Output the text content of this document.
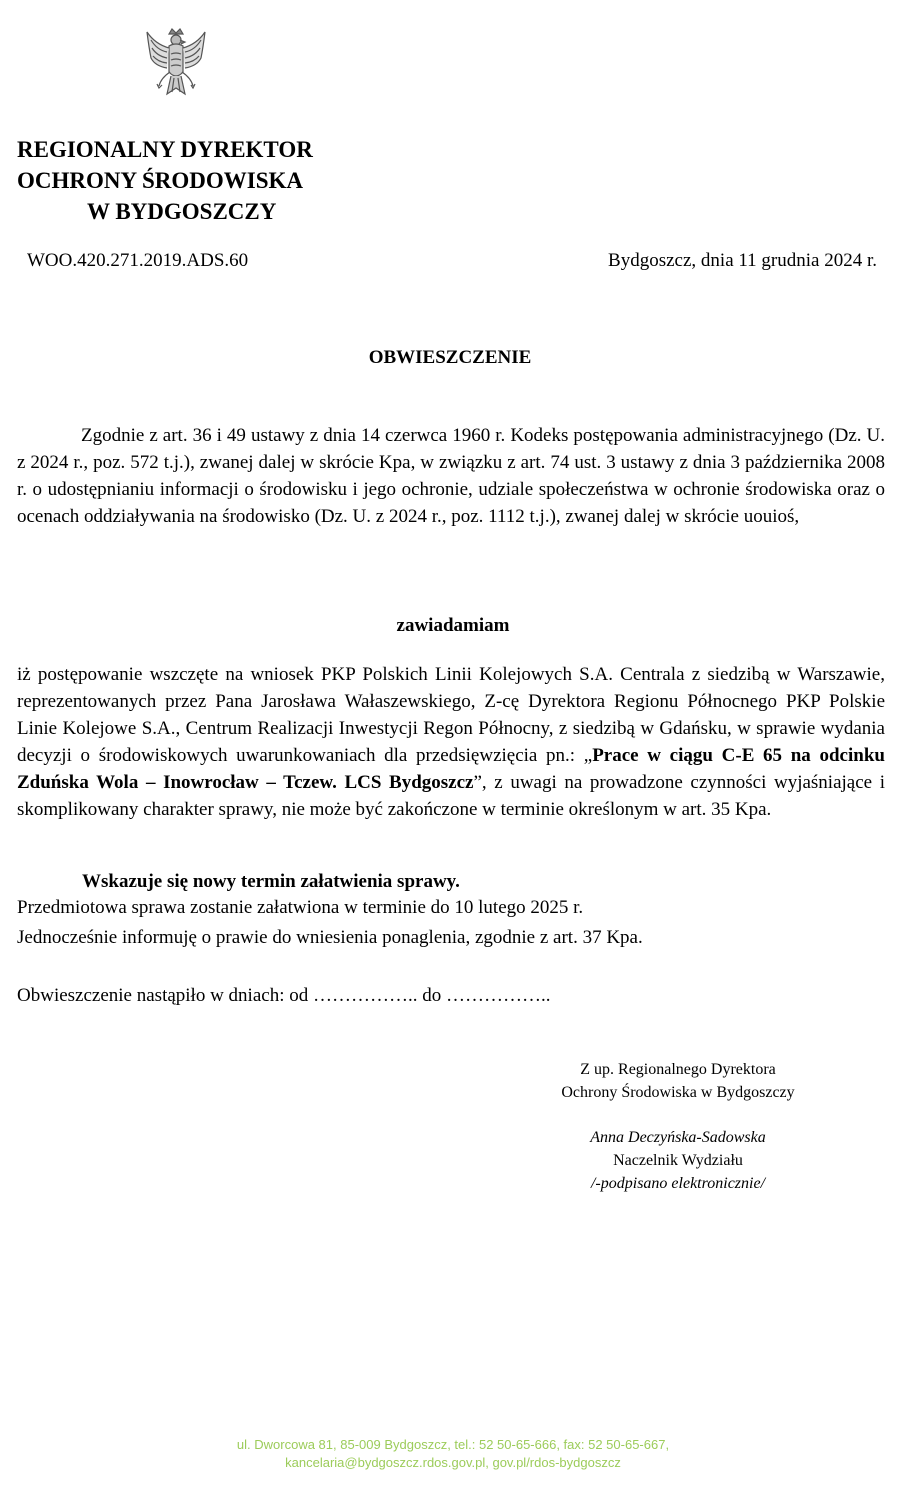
REGIONALNY DYREKTOR
OCHRONY ŚRODOWISKA
W BYDGOSZCZY
WOO.420.271.2019.ADS.60	Bydgoszcz, dnia 11 grudnia 2024 r.
OBWIESZCZENIE
Zgodnie z art. 36 i 49 ustawy z dnia 14 czerwca 1960 r. Kodeks postępowania administracyjnego (Dz. U. z 2024 r., poz. 572 t.j.), zwanej dalej w skrócie Kpa, w związku z art. 74 ust. 3 ustawy z dnia 3 października 2008 r. o udostępnianiu informacji o środowisku i jego ochronie, udziale społeczeństwa w ochronie środowiska oraz o ocenach oddziaływania na środowisko (Dz. U. z 2024 r., poz. 1112 t.j.), zwanej dalej w skrócie uouioś,
zawiadamiam
iż postępowanie wszczęte na wniosek PKP Polskich Linii Kolejowych S.A. Centrala z siedzibą w Warszawie, reprezentowanych przez Pana Jarosława Wałaszewskiego, Z-cę Dyrektora Regionu Północnego PKP Polskie Linie Kolejowe S.A., Centrum Realizacji Inwestycji Regon Północny, z siedzibą w Gdańsku, w sprawie wydania decyzji o środowiskowych uwarunkowaniach dla przedsięwzięcia pn.: „Prace w ciągu C-E 65 na odcinku Zduńska Wola – Inowrocław – Tczew. LCS Bydgoszcz”, z uwagi na prowadzone czynności wyjaśniające i skomplikowany charakter sprawy, nie może być zakończone w terminie określonym w art. 35 Kpa.
Wskazuje się nowy termin załatwienia sprawy.
Przedmiotowa sprawa zostanie załatwiona w terminie do 10 lutego 2025 r.
Jednocześnie informuję o prawie do wniesienia ponaglenia, zgodnie z art. 37 Kpa.
Obwieszczenie nastąpiło w dniach: od …………….. do ……………..
Z up. Regionalnego Dyrektora
Ochrony Środowiska w Bydgoszczy
Anna Deczyńska-Sadowska
Naczelnik Wydziału
/-podpisano elektronicznie/
ul. Dworcowa 81, 85-009 Bydgoszcz, tel.: 52 50-65-666, fax: 52 50-65-667,
kancelaria@bydgoszcz.rdos.gov.pl, gov.pl/rdos-bydgoszcz
